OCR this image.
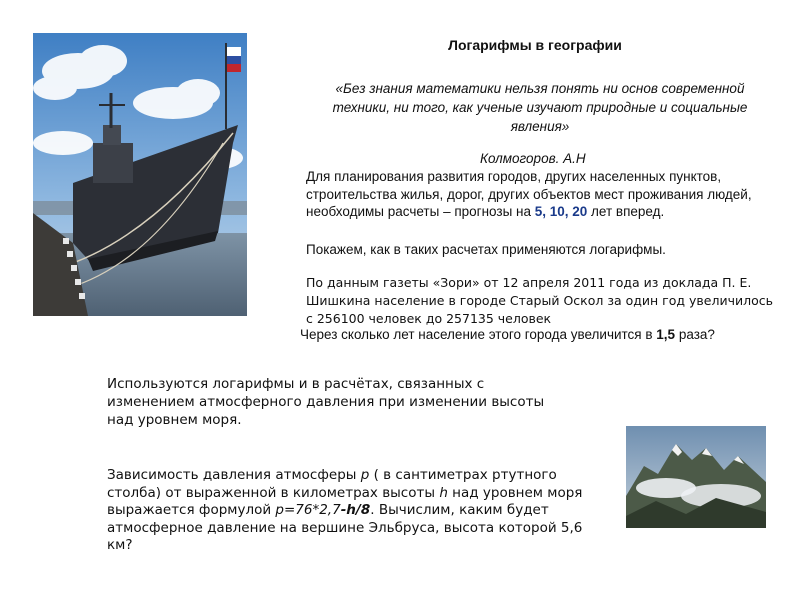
Логарифмы в географии
«Без знания математики нельзя понять ни основ современной техники, ни того, как ученые изучают природные и социальные явления»
Колмогоров. А.Н
Для планирования развития городов, других населенных пунктов, строительства жилья, дорог, других объектов мест проживания людей, необходимы расчеты – прогнозы на 5, 10, 20 лет вперед.
Покажем, как в таких расчетах применяются логарифмы.
По данным газеты «Зори» от 12 апреля 2011 года из доклада П. Е. Шишкина население в городе Старый Оскол за один год увеличилось с 256100 человек до 257135 человек
Через сколько лет население этого города увеличится в 1,5 раза?
Используются логарифмы и в расчётах, связанных с изменением атмосферного давления при изменении высоты над уровнем моря.
Зависимость давления атмосферы р ( в сантиметрах ртутного столба) от выраженной в километрах высоты h над уровнем моря выражается формулой р=76*2,7-h/8. Вычислим, каким будет атмосферное давление на вершине Эльбруса, высота которой 5,6 км?
